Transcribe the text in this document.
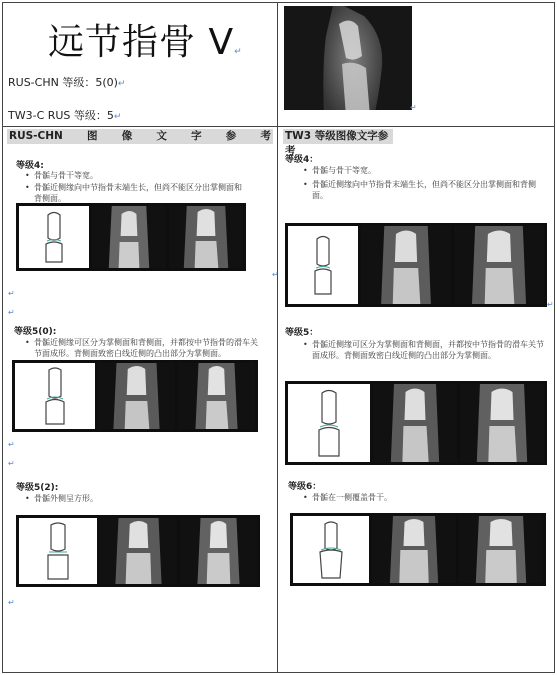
远节指骨 V↵
RUS-CHN 等级：5(0)↵
TW3-C RUS 等级：5↵
↵
RUS-CHN 图 像 文 字 参 考 TW3 等级图像文字参考
等级4:
• 骨骺与骨干等宽。
• 骨骺近侧缘向中节指骨末端生长，但尚不能区分出掌侧面和背侧面。
↵
↵
↵
等级5(0):
• 骨骺近侧缘可区分为掌侧面和背侧面，并都按中节指骨的滑车关节面成形。背侧面致密白线近侧的凸出部分为掌侧面。
↵
↵
等级5(2):
• 骨骺外侧呈方形。
↵
等级4：
• 骨骺与骨干等宽。
• 骨骺近侧缘向中节指骨末端生长，但尚不能区分出掌侧面和背侧面。
↵
等级5：
• 骨骺近侧缘可区分为掌侧面和背侧面，并都按中节指骨的滑车关节面成形。背侧面致密白线近侧的凸出部分为掌侧面。
等级6：
• 骨骺在一侧覆盖骨干。
